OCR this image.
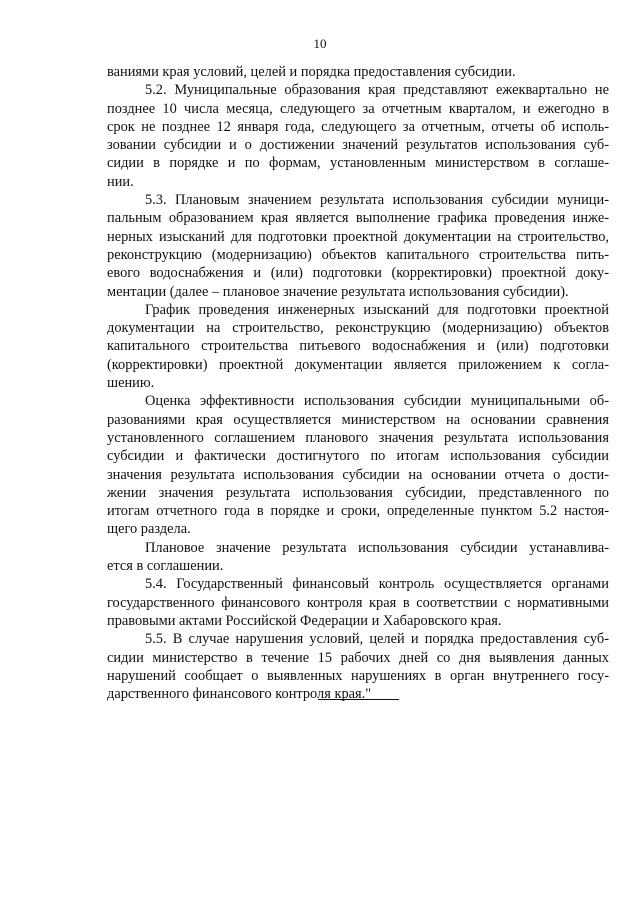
10
ваниями края условий, целей и порядка предоставления субсидии.
5.2. Муниципальные образования края представляют ежеквартально не
позднее 10 числа месяца, следующего за отчетным кварталом, и ежегодно в
срок не позднее 12 января года, следующего за отчетным, отчеты об исполь-
зовании субсидии и о достижении значений результатов использования суб-
сидии в порядке и по формам, установленным министерством в соглаше-
нии.
5.3. Плановым значением результата использования субсидии муници-
пальным образованием края является выполнение графика проведения инже-
нерных изысканий для подготовки проектной документации на строительство,
реконструкцию (модернизацию) объектов капитального строительства пить-
евого водоснабжения и (или) подготовки (корректировки) проектной доку-
ментации (далее – плановое значение результата использования субсидии).
График проведения инженерных изысканий для подготовки проектной
документации на строительство, реконструкцию (модернизацию) объектов
капитального строительства питьевого водоснабжения и (или) подготовки
(корректировки) проектной документации является приложением к согла-
шению.
Оценка эффективности использования субсидии муниципальными об-
разованиями края осуществляется министерством на основании сравнения
установленного соглашением планового значения результата использования
субсидии и фактически достигнутого по итогам использования субсидии
значения результата использования субсидии на основании отчета о дости-
жении значения результата использования субсидии, представленного по
итогам отчетного года в порядке и сроки, определенные пунктом 5.2 настоя-
щего раздела.
Плановое значение результата использования субсидии устанавлива-
ется в соглашении.
5.4. Государственный финансовый контроль осуществляется органами
государственного финансового контроля края в соответствии с нормативными
правовыми актами Российской Федерации и Хабаровского края.
5.5. В случае нарушения условий, целей и порядка предоставления суб-
сидии министерство в течение 15 рабочих дней со дня выявления данных
нарушений сообщает о выявленных нарушениях в орган внутреннего госу-
дарственного финансового контроля края."
